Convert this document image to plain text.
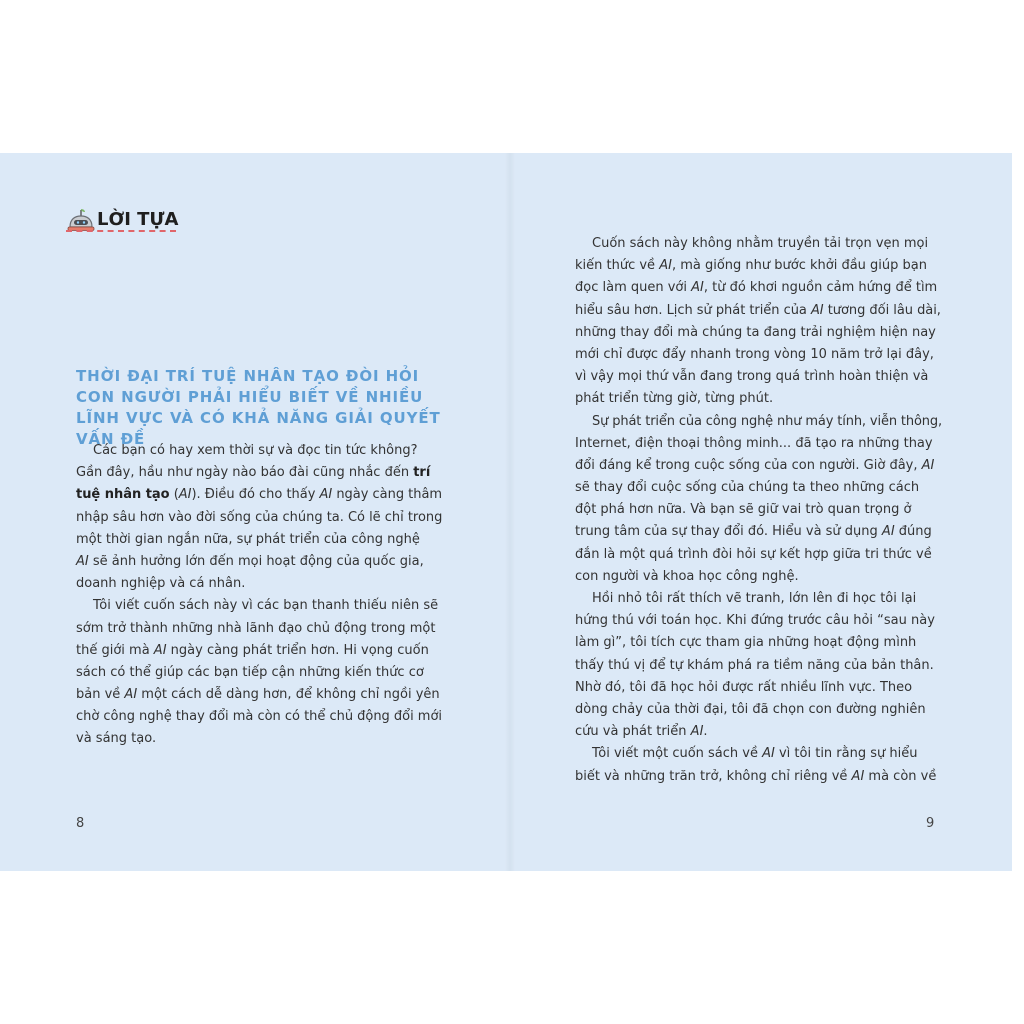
LỜI TỰA
THỜI ĐẠI TRÍ TUỆ NHÂN TẠO ĐÒI HỎI
CON NGƯỜI PHẢI HIỂU BIẾT VỀ NHIỀU
LĨNH VỰC VÀ CÓ KHẢ NĂNG GIẢI QUYẾT
VẤN ĐỀ
Các bạn có hay xem thời sự và đọc tin tức không?
Gần đây, hầu như ngày nào báo đài cũng nhắc đến trí
tuệ nhân tạo (AI). Điều đó cho thấy AI ngày càng thâm
nhập sâu hơn vào đời sống của chúng ta. Có lẽ chỉ trong
một thời gian ngắn nữa, sự phát triển của công nghệ
AI sẽ ảnh hưởng lớn đến mọi hoạt động của quốc gia,
doanh nghiệp và cá nhân.
Tôi viết cuốn sách này vì các bạn thanh thiếu niên sẽ
sớm trở thành những nhà lãnh đạo chủ động trong một
thế giới mà AI ngày càng phát triển hơn. Hi vọng cuốn
sách có thể giúp các bạn tiếp cận những kiến thức cơ
bản về AI một cách dễ dàng hơn, để không chỉ ngồi yên
chờ công nghệ thay đổi mà còn có thể chủ động đổi mới
và sáng tạo.
8
Cuốn sách này không nhằm truyền tải trọn vẹn mọi
kiến thức về AI, mà giống như bước khởi đầu giúp bạn
đọc làm quen với AI, từ đó khơi nguồn cảm hứng để tìm
hiểu sâu hơn. Lịch sử phát triển của AI tương đối lâu dài,
những thay đổi mà chúng ta đang trải nghiệm hiện nay
mới chỉ được đẩy nhanh trong vòng 10 năm trở lại đây,
vì vậy mọi thứ vẫn đang trong quá trình hoàn thiện và
phát triển từng giờ, từng phút.
Sự phát triển của công nghệ như máy tính, viễn thông,
Internet, điện thoại thông minh... đã tạo ra những thay
đổi đáng kể trong cuộc sống của con người. Giờ đây, AI
sẽ thay đổi cuộc sống của chúng ta theo những cách
đột phá hơn nữa. Và bạn sẽ giữ vai trò quan trọng ở
trung tâm của sự thay đổi đó. Hiểu và sử dụng AI đúng
đắn là một quá trình đòi hỏi sự kết hợp giữa tri thức về
con người và khoa học công nghệ.
Hồi nhỏ tôi rất thích vẽ tranh, lớn lên đi học tôi lại
hứng thú với toán học. Khi đứng trước câu hỏi “sau này
làm gì”, tôi tích cực tham gia những hoạt động mình
thấy thú vị để tự khám phá ra tiềm năng của bản thân.
Nhờ đó, tôi đã học hỏi được rất nhiều lĩnh vực. Theo
dòng chảy của thời đại, tôi đã chọn con đường nghiên
cứu và phát triển AI.
Tôi viết một cuốn sách về AI vì tôi tin rằng sự hiểu
biết và những trăn trở, không chỉ riêng về AI mà còn về
9
